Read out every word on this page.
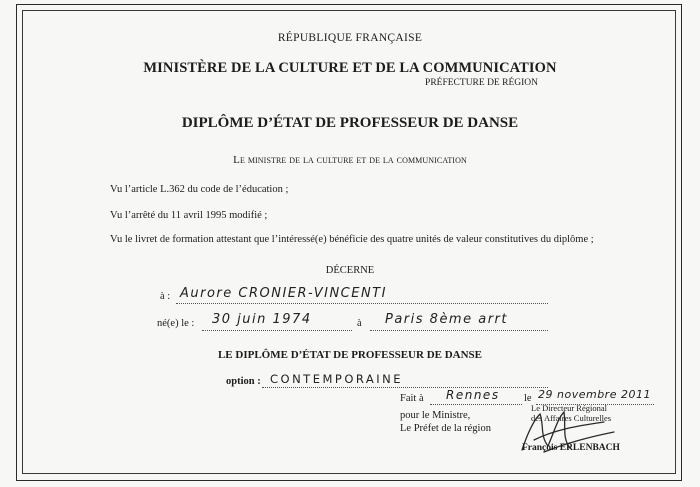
RÉPUBLIQUE FRANÇAISE
MINISTÈRE DE LA CULTURE ET DE LA COMMUNICATION
PRÉFECTURE DE RÉGION
DIPLÔME D’ÉTAT DE PROFESSEUR DE DANSE
Le ministre de la culture et de la communication
Vu l’article L.362 du code de l’éducation ;
Vu l’arrêté du 11 avril 1995 modifié ;
Vu le livret de formation attestant que l’intéressé(e) bénéficie des quatre unités de valeur constitutives du diplôme ;
DÉCERNE
à : Aurore CRONIER-VINCENTI
né(e) le : 30 juin 1974	à Paris 8ème arrt
LE DIPLÔME D’ÉTAT DE PROFESSEUR DE DANSE
option : CONTEMPORAINE
Fait à Rennes le 29 novembre 2011
pour le Ministre,
Le Préfet de la région
Le Directeur Régional
des Affaires Culturelles
François ERLENBACH
